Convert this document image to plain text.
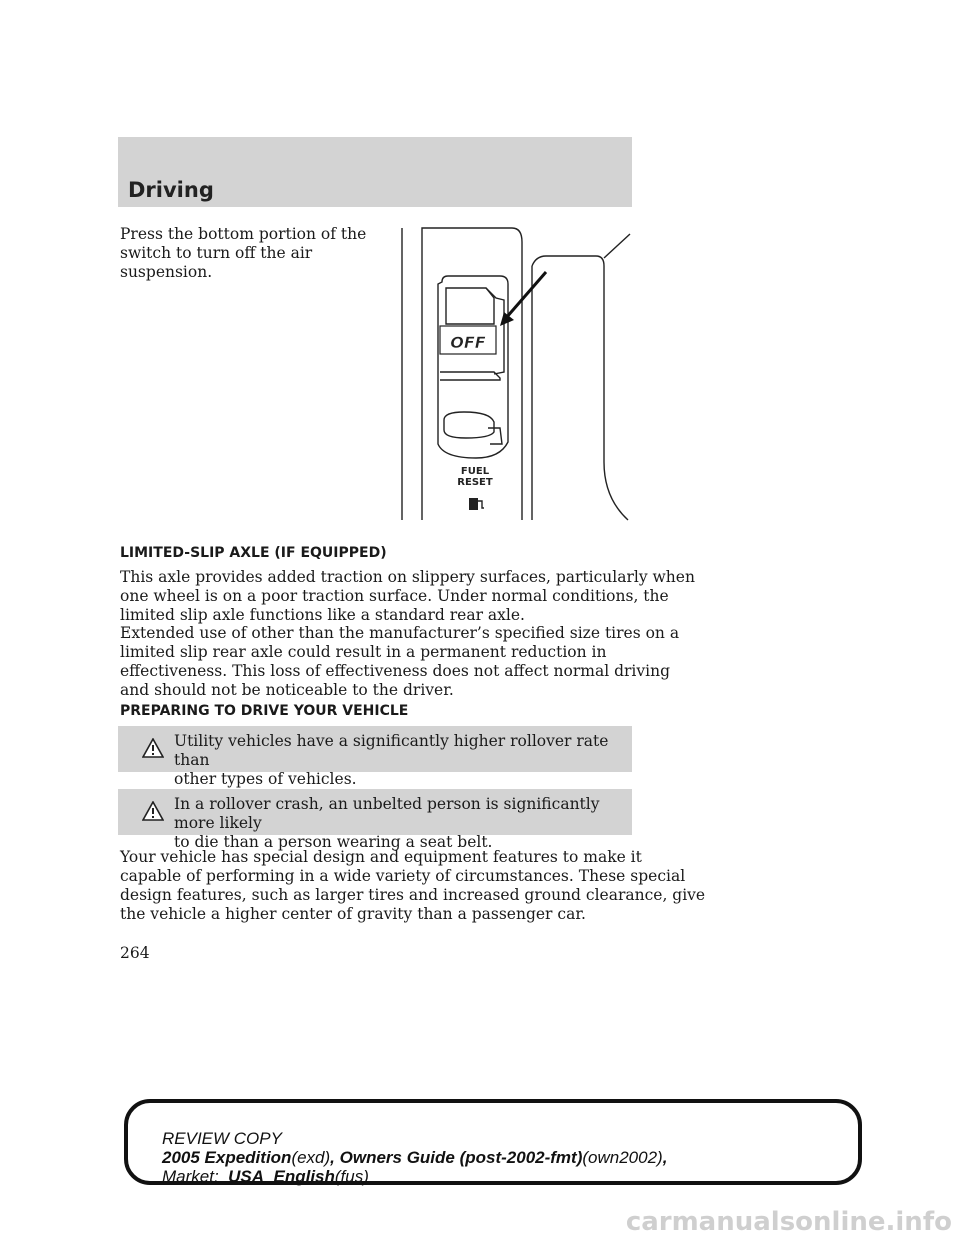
Driving
Press the bottom portion of the
switch to turn off the air
suspension.
OFF
FUEL
RESET
LIMITED-SLIP AXLE (IF EQUIPPED)
This axle provides added traction on slippery surfaces, particularly when
one wheel is on a poor traction surface. Under normal conditions, the
limited slip axle functions like a standard rear axle.
Extended use of other than the manufacturer’s specified size tires on a
limited slip rear axle could result in a permanent reduction in
effectiveness. This loss of effectiveness does not affect normal driving
and should not be noticeable to the driver.
PREPARING TO DRIVE YOUR VEHICLE
Utility vehicles have a significantly higher rollover rate than
other types of vehicles.
In a rollover crash, an unbelted person is significantly more likely
to die than a person wearing a seat belt.
Your vehicle has special design and equipment features to make it
capable of performing in a wide variety of circumstances. These special
design features, such as larger tires and increased ground clearance, give
the vehicle a higher center of gravity than a passenger car.
264
REVIEW COPY
2005 Expedition(exd), Owners Guide (post-2002-fmt)(own2002),
Market: USA_English(fus)
carmanualsonline.info
